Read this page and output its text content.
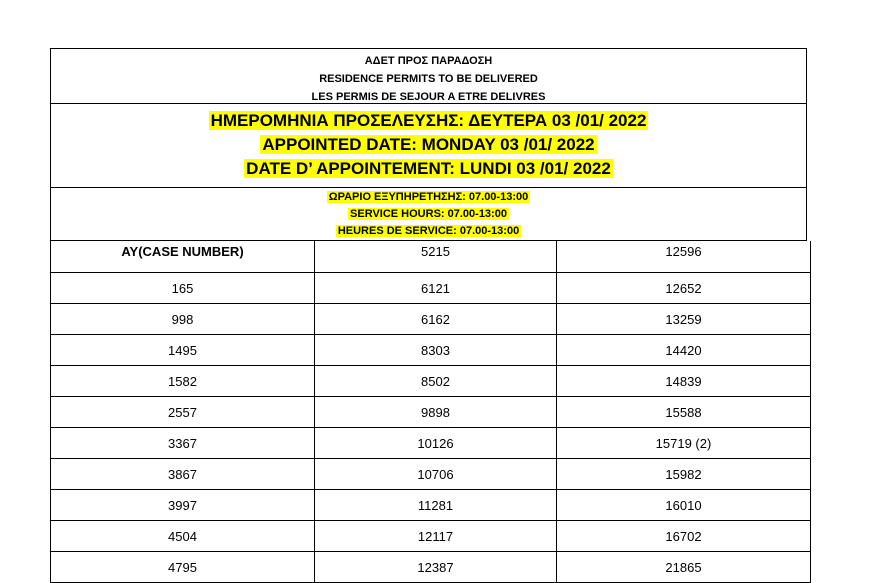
ΑΔΕΤ ΠΡΟΣ ΠΑΡΑΔΟΣΗ
RESIDENCE PERMITS TO BE DELIVERED
LES PERMIS DE SEJOUR A ETRE DELIVRES
ΗΜΕΡΟΜΗΝΙΑ ΠΡΟΣΕΛΕΥΣΗΣ: ΔΕΥΤΕΡΑ 03 /01/ 2022
APPOINTED DATE: MONDAY 03 /01/ 2022
DATE D’ APPOINTEMENT: LUNDI 03 /01/ 2022
ΩΡΑΡΙΟ ΕΞΥΠΗΡΕΤΗΣΗΣ: 07.00-13:00
SERVICE HOURS: 07.00-13:00
HEURES DE SERVICE: 07.00-13:00
AY(CASE NUMBER)	5215	12596
165	6121	12652
998	6162	13259
1495	8303	14420
1582	8502	14839
2557	9898	15588
3367	10126	15719 (2)
3867	10706	15982
3997	11281	16010
4504	12117	16702
4795	12387	21865
